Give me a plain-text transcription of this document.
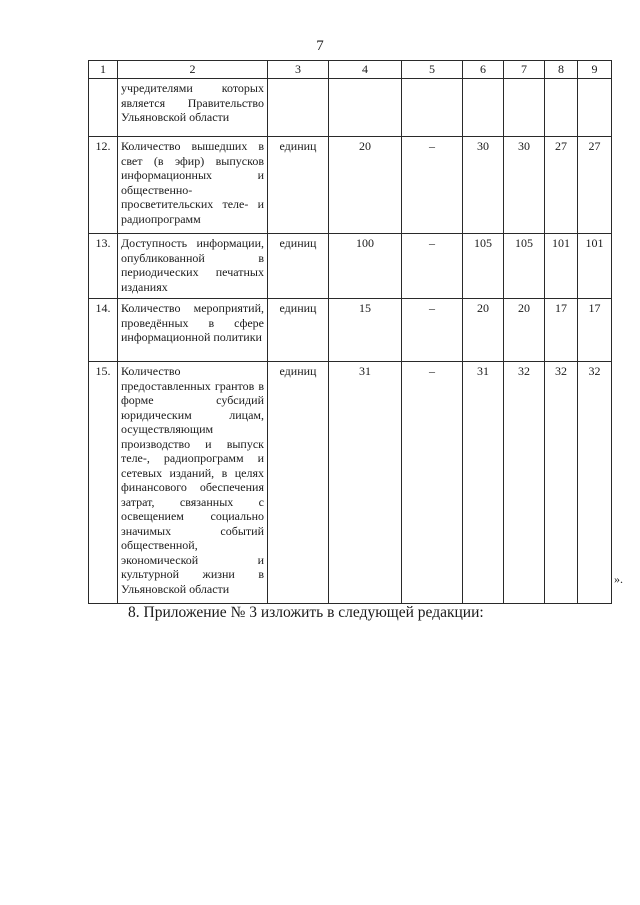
7
1	2	3	4	5	6	7	8	9
	учредителями которых является Правительство Ульяновской области							
12.	Количество вышедших в свет (в эфир) выпусков информационных и общественно-просветительских теле- и радиопрограмм	единиц	20	–	30	30	27	27
13.	Доступность информации, опубликованной в периодических печатных изданиях	единиц	100	–	105	105	101	101
14.	Количество мероприятий, проведённых в сфере информационной политики	единиц	15	–	20	20	17	17
15.	Количество предоставленных грантов в форме субсидий юридическим лицам, осуществляющим производство и выпуск теле-, радиопрограмм и сетевых изданий, в целях финансового обеспечения затрат, связанных с освещением социально значимых событий общественной, экономической и культурной жизни в Ульяновской области	единиц	31	–	31	32	32	32
».
8. Приложение № 3 изложить в следующей редакции:
